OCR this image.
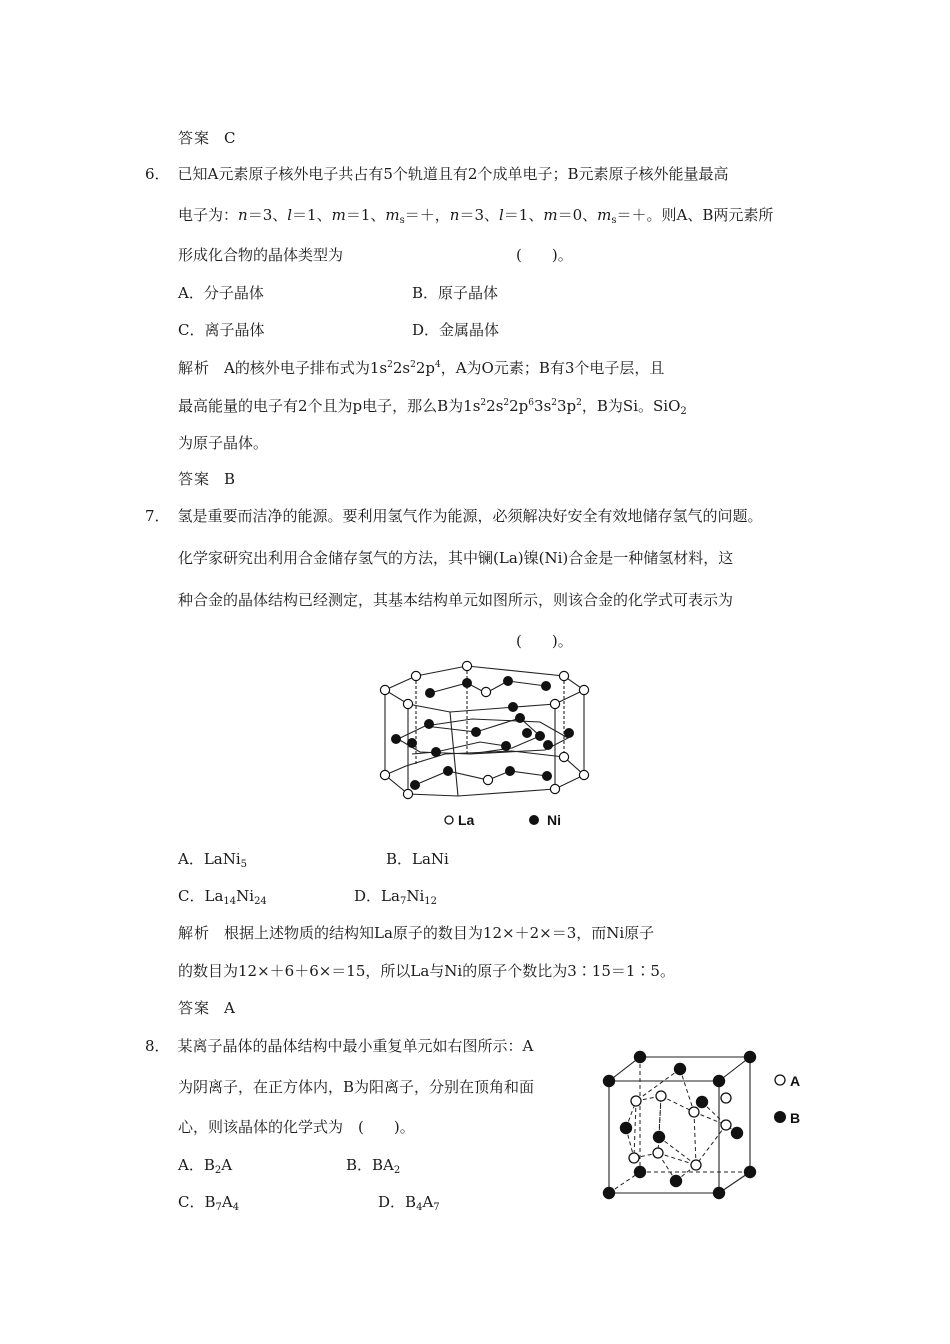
答案 C
6． 已知A元素原子核外电子共占有5个轨道且有2个成单电子；B元素原子核外能量最高
电子为：n＝3、l＝1、m＝1、$m_s=+$，n＝3、l＝1、m＝0、$m_s=+$。则A、B两元素所
形成化合物的晶体类型为	(　　)。
A．分子晶体	B．原子晶体
C．离子晶体	D．金属晶体
解析 A的核外电子排布式为$1s^22s^22p^4$，A为O元素；B有3个电子层，且
最高能量的电子有2个且为p电子，那么B为$1s^22s^22p^63s^23p^2$，B为Si。SiO$_2$
为原子晶体。
答案 B
7． 氢是重要而洁净的能源。要利用氢气作为能源，必须解决好安全有效地储存氢气的问题。
化学家研究出利用合金储存氢气的方法，其中镧(La)镍(Ni)合金是一种储氢材料，这
种合金的晶体结构已经测定，其基本结构单元如图所示，则该合金的化学式可表示为
(　　)。
La	Ni
A．LaNi$_5$	B．LaNi
C．$La_{14}Ni_{24}$	D．$La_7Ni_{12}$
解析 根据上述物质的结构知La原子的数目为12×＋2×＝3，而Ni原子
的数目为12×＋6＋6×＝15，所以La与Ni的原子个数比为3∶15＝1∶5。
答案 A
8． 某离子晶体的晶体结构中最小重复单元如右图所示：A
为阴离子，在正方体内，B为阳离子，分别在顶角和面
心，则该晶体的化学式为　(　　)。
A．$B_2A$	B．$BA_2$
C．$B_7A_4$	D．$B_4A_7$
A
B
